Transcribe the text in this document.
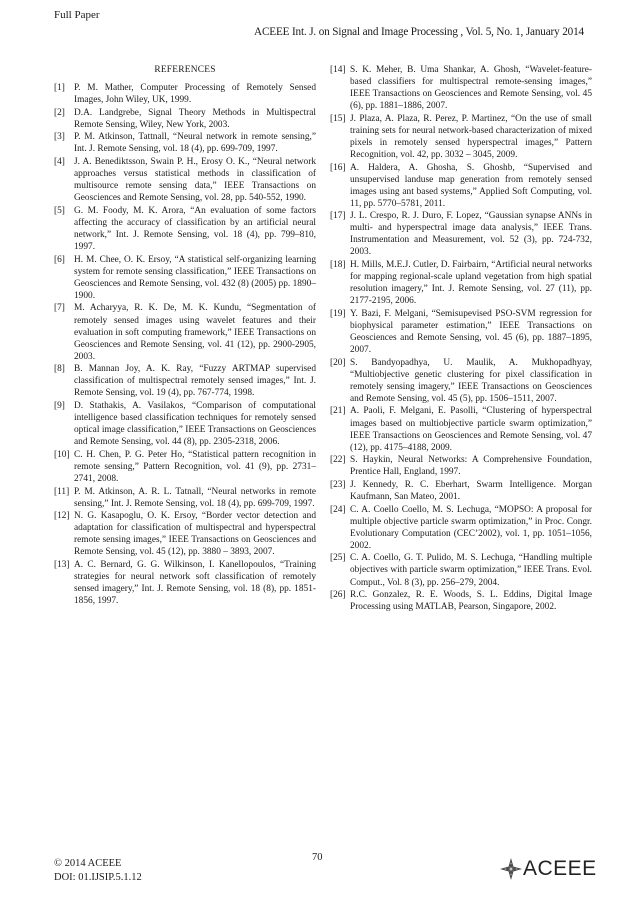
Full Paper
ACEEE Int. J. on Signal and Image Processing , Vol. 5, No. 1, January 2014
REFERENCES
[1] P. M. Mather, Computer Processing of Remotely Sensed Images, John Wiley, UK, 1999.
[2] D.A. Landgrebe, Signal Theory Methods in Multispectral Remote Sensing, Wiley, New York, 2003.
[3] P. M. Atkinson, Tattnall, “Neural network in remote sensing,” Int. J. Remote Sensing, vol. 18 (4), pp. 699-709, 1997.
[4] J. A. Benediktsson, Swain P. H., Erosy O. K., “Neural network approaches versus statistical methods in classification of multisource remote sensing data,” IEEE Transactions on Geosciences and Remote Sensing, vol. 28, pp. 540-552, 1990.
[5] G. M. Foody, M. K. Arora, “An evaluation of some factors affecting the accuracy of classification by an artificial neural network,” Int. J. Remote Sensing, vol. 18 (4), pp. 799–810, 1997.
[6] H. M. Chee, O. K. Ersoy, “A statistical self-organizing learning system for remote sensing classification,” IEEE Transactions on Geosciences and Remote Sensing, vol. 432 (8) (2005) pp. 1890–1900.
[7] M. Acharyya, R. K. De, M. K. Kundu, “Segmentation of remotely sensed images using wavelet features and their evaluation in soft computing framework,” IEEE Transactions on Geosciences and Remote Sensing, vol. 41 (12), pp. 2900-2905, 2003.
[8] B. Mannan Joy, A. K. Ray, “Fuzzy ARTMAP supervised classification of multispectral remotely sensed images,” Int. J. Remote Sensing, vol. 19 (4), pp. 767-774, 1998.
[9] D. Stathakis, A. Vasilakos, “Comparison of computational intelligence based classification techniques for remotely sensed optical image classification,” IEEE Transactions on Geosciences and Remote Sensing, vol. 44 (8), pp. 2305-2318, 2006.
[10] C. H. Chen, P. G. Peter Ho, “Statistical pattern recognition in remote sensing,” Pattern Recognition, vol. 41 (9), pp. 2731–2741, 2008.
[11] P. M. Atkinson, A. R. L. Tatnall, “Neural networks in remote sensing,” Int. J. Remote Sensing, vol. 18 (4), pp. 699-709, 1997.
[12] N. G. Kasapoglu, O. K. Ersoy, “Border vector detection and adaptation for classification of multispectral and hyperspectral remote sensing images,” IEEE Transactions on Geosciences and Remote Sensing, vol. 45 (12), pp. 3880 – 3893, 2007.
[13] A. C. Bernard, G. G. Wilkinson, I. Kanellopoulos, “Training strategies for neural network soft classification of remotely sensed imagery,” Int. J. Remote Sensing, vol. 18 (8), pp. 1851-1856, 1997.
[14] S. K. Meher, B. Uma Shankar, A. Ghosh, “Wavelet-feature-based classifiers for multispectral remote-sensing images,” IEEE Transactions on Geosciences and Remote Sensing, vol. 45 (6), pp. 1881–1886, 2007.
[15] J. Plaza, A. Plaza, R. Perez, P. Martinez, “On the use of small training sets for neural network-based characterization of mixed pixels in remotely sensed hyperspectral images,” Pattern Recognition, vol. 42, pp. 3032 – 3045, 2009.
[16] A. Haldera, A. Ghosha, S. Ghoshb, “Supervised and unsupervised landuse map generation from remotely sensed images using ant based systems,” Applied Soft Computing, vol. 11, pp. 5770–5781, 2011.
[17] J. L. Crespo, R. J. Duro, F. Lopez, “Gaussian synapse ANNs in multi- and hyperspectral image data analysis,” IEEE Trans. Instrumentation and Measurement, vol. 52 (3), pp. 724-732, 2003.
[18] H. Mills, M.E.J. Cutler, D. Fairbairn, “Artificial neural networks for mapping regional-scale upland vegetation from high spatial resolution imagery,” Int. J. Remote Sensing, vol. 27 (11), pp. 2177-2195, 2006.
[19] Y. Bazi, F. Melgani, “Semisupevised PSO-SVM regression for biophysical parameter estimation,” IEEE Transactions on Geosciences and Remote Sensing, vol. 45 (6), pp. 1887–1895, 2007.
[20] S. Bandyopadhya, U. Maulik, A. Mukhopadhyay, “Multiobjective genetic clustering for pixel classification in remotely sensing imagery,” IEEE Transactions on Geosciences and Remote Sensing, vol. 45 (5), pp. 1506–1511, 2007.
[21] A. Paoli, F. Melgani, E. Pasolli, “Clustering of hyperspectral images based on multiobjective particle swarm optimization,” IEEE Transactions on Geosciences and Remote Sensing, vol. 47 (12), pp. 4175–4188, 2009.
[22] S. Haykin, Neural Networks: A Comprehensive Foundation, Prentice Hall, England, 1997.
[23] J. Kennedy, R. C. Eberhart, Swarm Intelligence. Morgan Kaufmann, San Mateo, 2001.
[24] C. A. Coello Coello, M. S. Lechuga, “MOPSO: A proposal for multiple objective particle swarm optimization,” in Proc. Congr. Evolutionary Computation (CEC’2002), vol. 1, pp. 1051–1056, 2002.
[25] C. A. Coello, G. T. Pulido, M. S. Lechuga, “Handling multiple objectives with particle swarm optimization,” IEEE Trans. Evol. Comput., Vol. 8 (3), pp. 256–279, 2004.
[26] R.C. Gonzalez, R. E. Woods, S. L. Eddins, Digital Image Processing using MATLAB, Pearson, Singapore, 2002.
© 2014 ACEEE
DOI: 01.IJSIP.5.1.12
70	ACEEE
